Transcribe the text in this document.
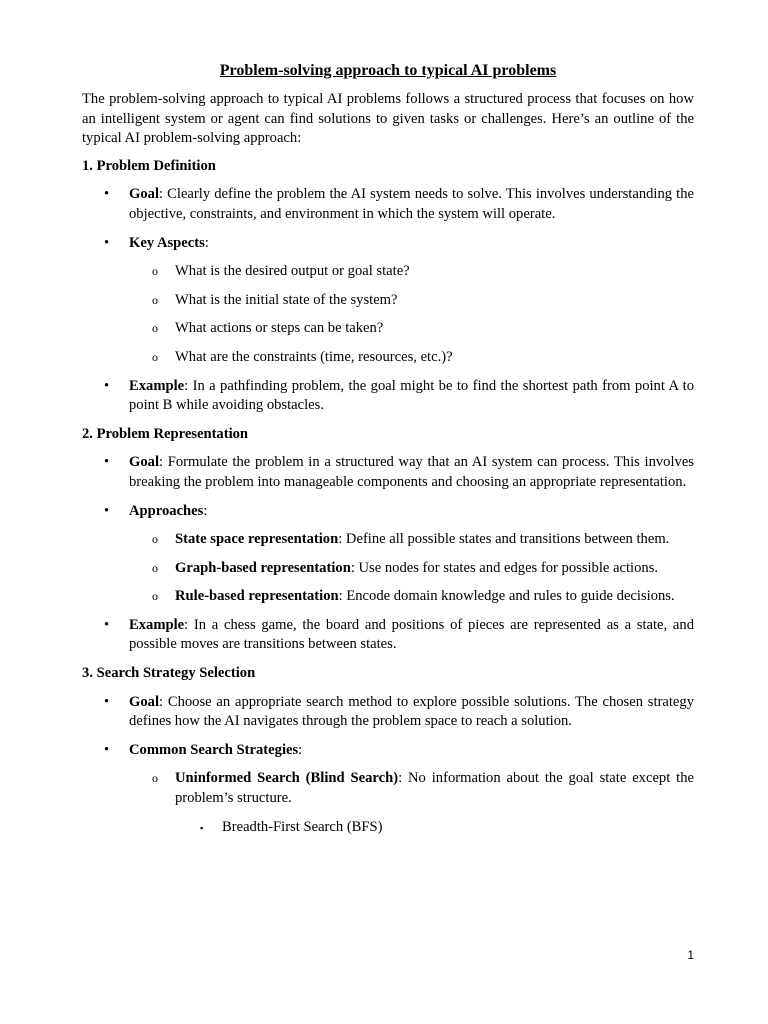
Problem-solving approach to typical AI problems

The problem-solving approach to typical AI problems follows a structured process that focuses on how an intelligent system or agent can find solutions to given tasks or challenges. Here’s an outline of the typical AI problem-solving approach:

1. Problem Definition

• Goal: Clearly define the problem the AI system needs to solve. This involves understanding the objective, constraints, and environment in which the system will operate.
• Key Aspects:
o What is the desired output or goal state?
o What is the initial state of the system?
o What actions or steps can be taken?
o What are the constraints (time, resources, etc.)?
• Example: In a pathfinding problem, the goal might be to find the shortest path from point A to point B while avoiding obstacles.

2. Problem Representation

• Goal: Formulate the problem in a structured way that an AI system can process. This involves breaking the problem into manageable components and choosing an appropriate representation.
• Approaches:
o State space representation: Define all possible states and transitions between them.
o Graph-based representation: Use nodes for states and edges for possible actions.
o Rule-based representation: Encode domain knowledge and rules to guide decisions.
• Example: In a chess game, the board and positions of pieces are represented as a state, and possible moves are transitions between states.

3. Search Strategy Selection

• Goal: Choose an appropriate search method to explore possible solutions. The chosen strategy defines how the AI navigates through the problem space to reach a solution.
• Common Search Strategies:
o Uninformed Search (Blind Search): No information about the goal state except the problem’s structure.
▪ Breadth-First Search (BFS)
1
